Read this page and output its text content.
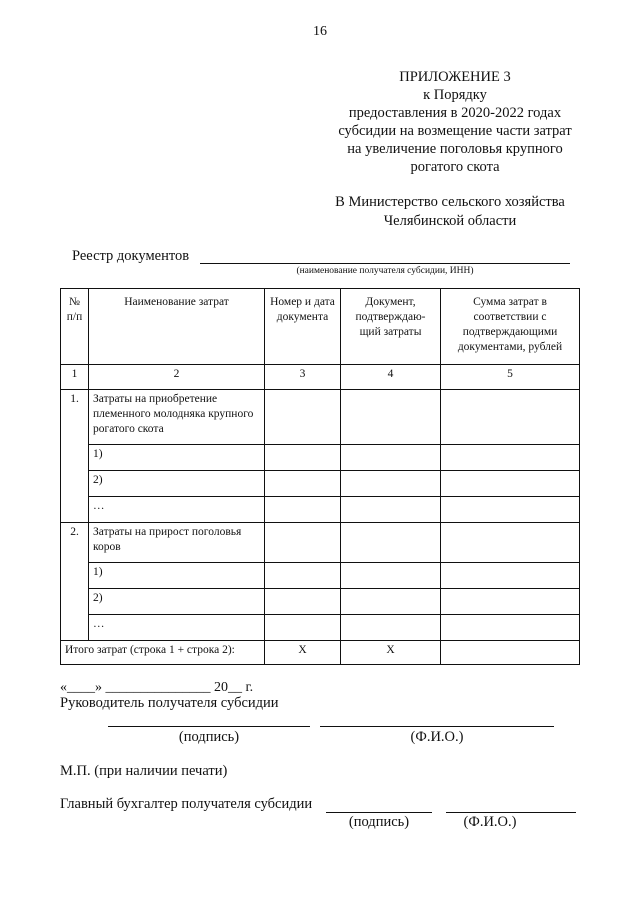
16
ПРИЛОЖЕНИЕ 3
к Порядку
предоставления в 2020-2022 годах
субсидии на возмещение части затрат
на увеличение поголовья крупного
рогатого скота
В Министерство сельского хозяйства
Челябинской области
Реестр документов
(наименование получателя субсидии, ИНН)
№ п/п	Наименование затрат	Номер и дата документа	Документ, подтверждаю-щий затраты	Сумма затрат в соответствии с подтверждающими документами, рублей
1	2	3	4	5
1.	Затраты на приобретение племенного молодняка крупного рогатого скота			
	1)			
	2)			
	…			
2.	Затраты на прирост поголовья коров			
	1)			
	2)			
	…			
Итого затрат (строка 1 + строка 2):		X	X	
«____» _______________ 20__ г.
Руководитель получателя субсидии
(подпись)	(Ф.И.О.)
М.П. (при наличии печати)
Главный бухгалтер получателя субсидии
(подпись)	(Ф.И.О.)
